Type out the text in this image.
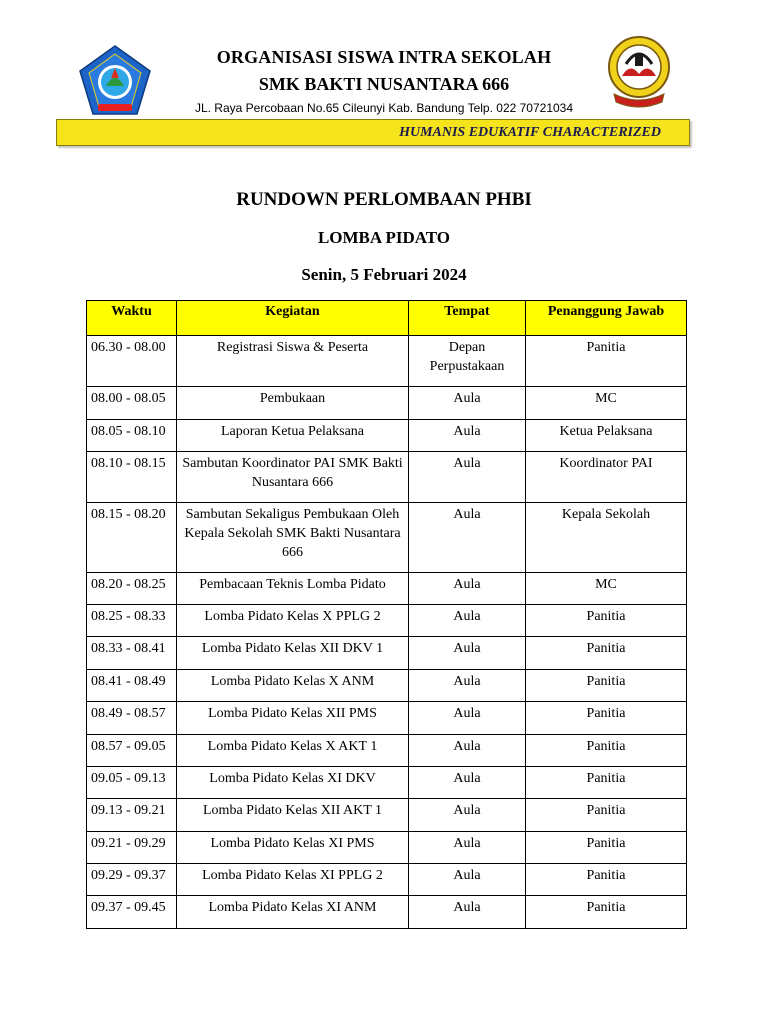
ORGANISASI SISWA INTRA SEKOLAH
SMK BAKTI NUSANTARA 666
JL. Raya Percobaan No.65 Cileunyi Kab. Bandung Telp. 022 70721034
HUMANIS EDUKATIF CHARACTERIZED
RUNDOWN PERLOMBAAN PHBI
LOMBA PIDATO
Senin, 5 Februari 2024
Waktu	Kegiatan	Tempat	Penanggung Jawab
06.30 - 08.00	Registrasi Siswa & Peserta	Depan Perpustakaan	Panitia
08.00 - 08.05	Pembukaan	Aula	MC
08.05 - 08.10	Laporan Ketua Pelaksana	Aula	Ketua Pelaksana
08.10 - 08.15	Sambutan Koordinator PAI SMK Bakti Nusantara 666	Aula	Koordinator PAI
08.15 - 08.20	Sambutan Sekaligus Pembukaan Oleh Kepala Sekolah SMK Bakti Nusantara 666	Aula	Kepala Sekolah
08.20 - 08.25	Pembacaan Teknis Lomba Pidato	Aula	MC
08.25 - 08.33	Lomba Pidato Kelas X PPLG 2	Aula	Panitia
08.33 - 08.41	Lomba Pidato Kelas XII DKV 1	Aula	Panitia
08.41 - 08.49	Lomba Pidato Kelas X ANM	Aula	Panitia
08.49 - 08.57	Lomba Pidato Kelas XII PMS	Aula	Panitia
08.57 - 09.05	Lomba Pidato Kelas X AKT 1	Aula	Panitia
09.05 - 09.13	Lomba Pidato Kelas XI DKV	Aula	Panitia
09.13 - 09.21	Lomba Pidato Kelas XII AKT 1	Aula	Panitia
09.21 - 09.29	Lomba Pidato Kelas XI PMS	Aula	Panitia
09.29 - 09.37	Lomba Pidato Kelas XI PPLG 2	Aula	Panitia
09.37 - 09.45	Lomba Pidato Kelas XI ANM	Aula	Panitia
